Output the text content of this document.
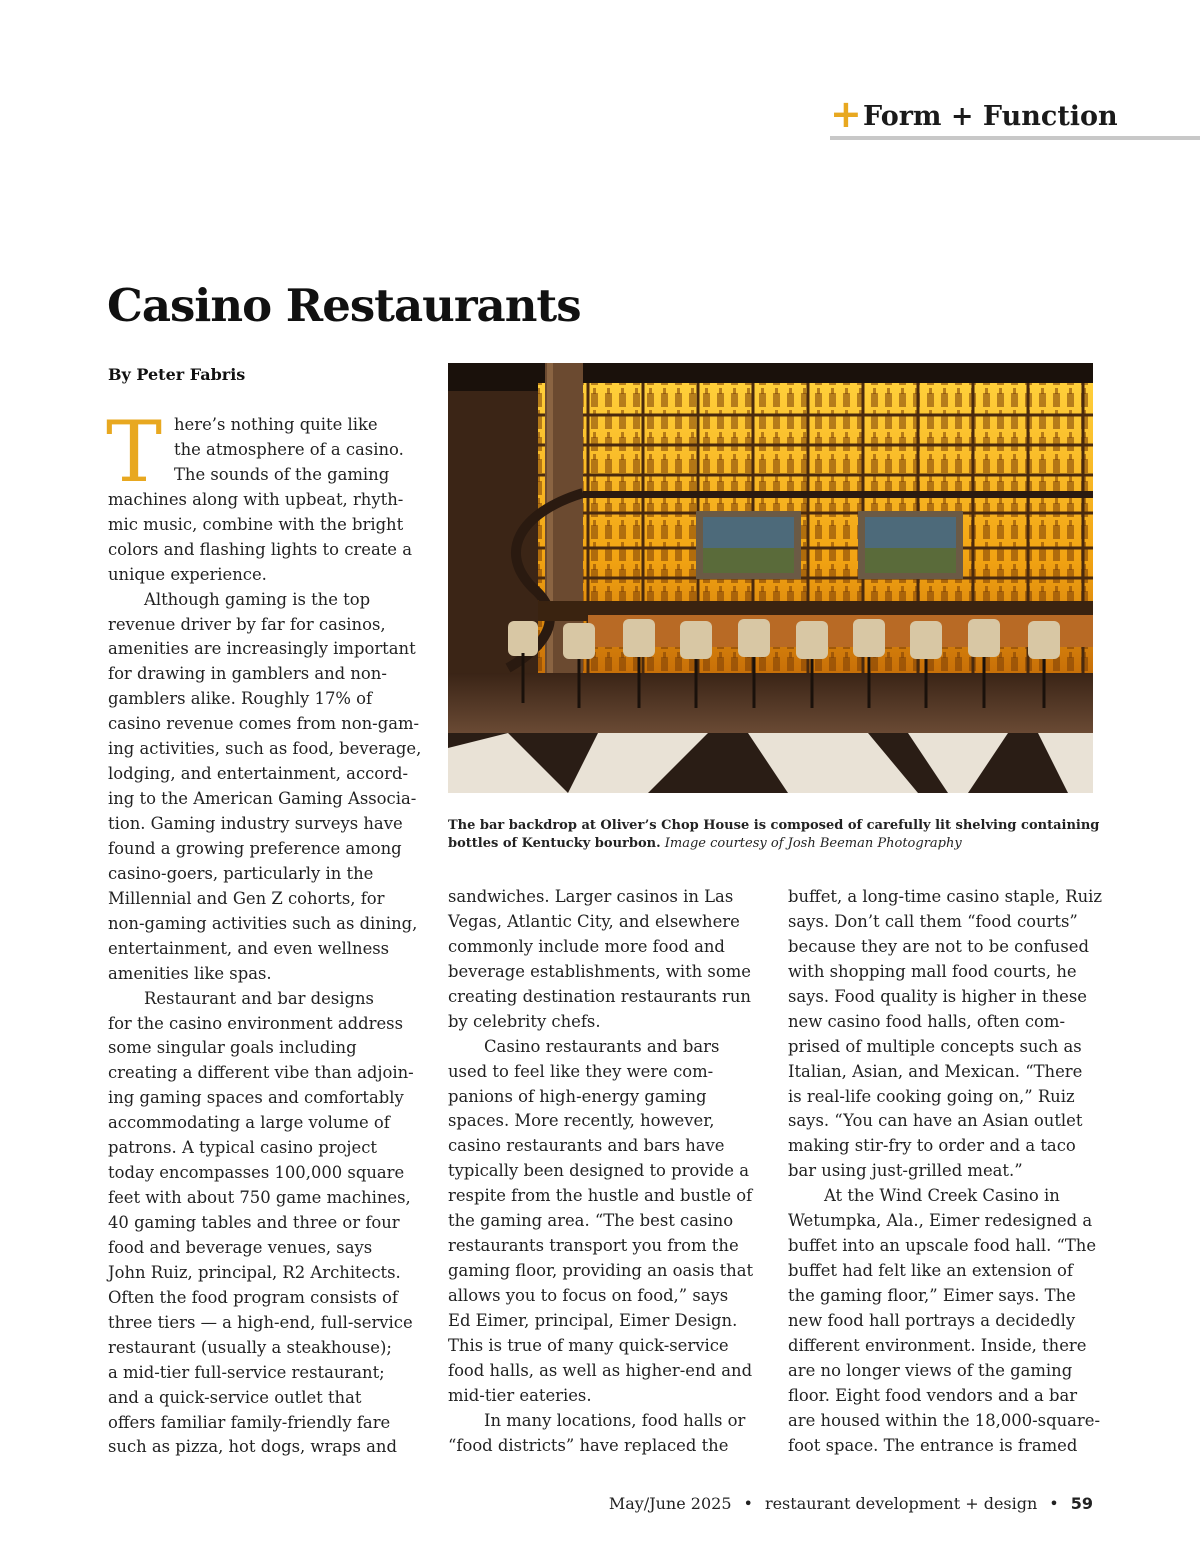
+ Form + Function
Casino Restaurants
By Peter Fabris
T here’s nothing quite like
the atmosphere of a casino.
The sounds of the gaming
machines along with upbeat, rhyth-
mic music, combine with the bright
colors and flashing lights to create a
unique experience.
Although gaming is the top
revenue driver by far for casinos,
amenities are increasingly important
for drawing in gamblers and non-
gamblers alike. Roughly 17% of
casino revenue comes from non-gam-
ing activities, such as food, beverage,
lodging, and entertainment, accord-
ing to the American Gaming Associa-
tion. Gaming industry surveys have
found a growing preference among
casino-goers, particularly in the
Millennial and Gen Z cohorts, for
non-gaming activities such as dining,
entertainment, and even wellness
amenities like spas.
Restaurant and bar designs
for the casino environment address
some singular goals including
creating a different vibe than adjoin-
ing gaming spaces and comfortably
accommodating a large volume of
patrons. A typical casino project
today encompasses 100,000 square
feet with about 750 game machines,
40 gaming tables and three or four
food and beverage venues, says
John Ruiz, principal, R2 Architects.
Often the food program consists of
three tiers — a high-end, full-service
restaurant (usually a steakhouse);
a mid-tier full-service restaurant;
and a quick-service outlet that
offers familiar family-friendly fare
such as pizza, hot dogs, wraps and
sandwiches. Larger casinos in Las
Vegas, Atlantic City, and elsewhere
commonly include more food and
beverage establishments, with some
creating destination restaurants run
by celebrity chefs.
Casino restaurants and bars
used to feel like they were com-
panions of high-energy gaming
spaces. More recently, however,
casino restaurants and bars have
typically been designed to provide a
respite from the hustle and bustle of
the gaming area. “The best casino
restaurants transport you from the
gaming floor, providing an oasis that
allows you to focus on food,” says
Ed Eimer, principal, Eimer Design.
This is true of many quick-service
food halls, as well as higher-end and
mid-tier eateries.
In many locations, food halls or
“food districts” have replaced the
buffet, a long-time casino staple, Ruiz
says. Don’t call them “food courts”
because they are not to be confused
with shopping mall food courts, he
says. Food quality is higher in these
new casino food halls, often com-
prised of multiple concepts such as
Italian, Asian, and Mexican. “There
is real-life cooking going on,” Ruiz
says. “You can have an Asian outlet
making stir-fry to order and a taco
bar using just-grilled meat.”
At the Wind Creek Casino in
Wetumpka, Ala., Eimer redesigned a
buffet into an upscale food hall. “The
buffet had felt like an extension of
the gaming floor,” Eimer says. The
new food hall portrays a decidedly
different environment. Inside, there
are no longer views of the gaming
floor. Eight food vendors and a bar
are housed within the 18,000-square-
foot space. The entrance is framed
The bar backdrop at Oliver’s Chop House is composed of carefully lit shelving containing
bottles of Kentucky bourbon. Image courtesy of Josh Beeman Photography
May/June 2025 • restaurant development + design • 59
